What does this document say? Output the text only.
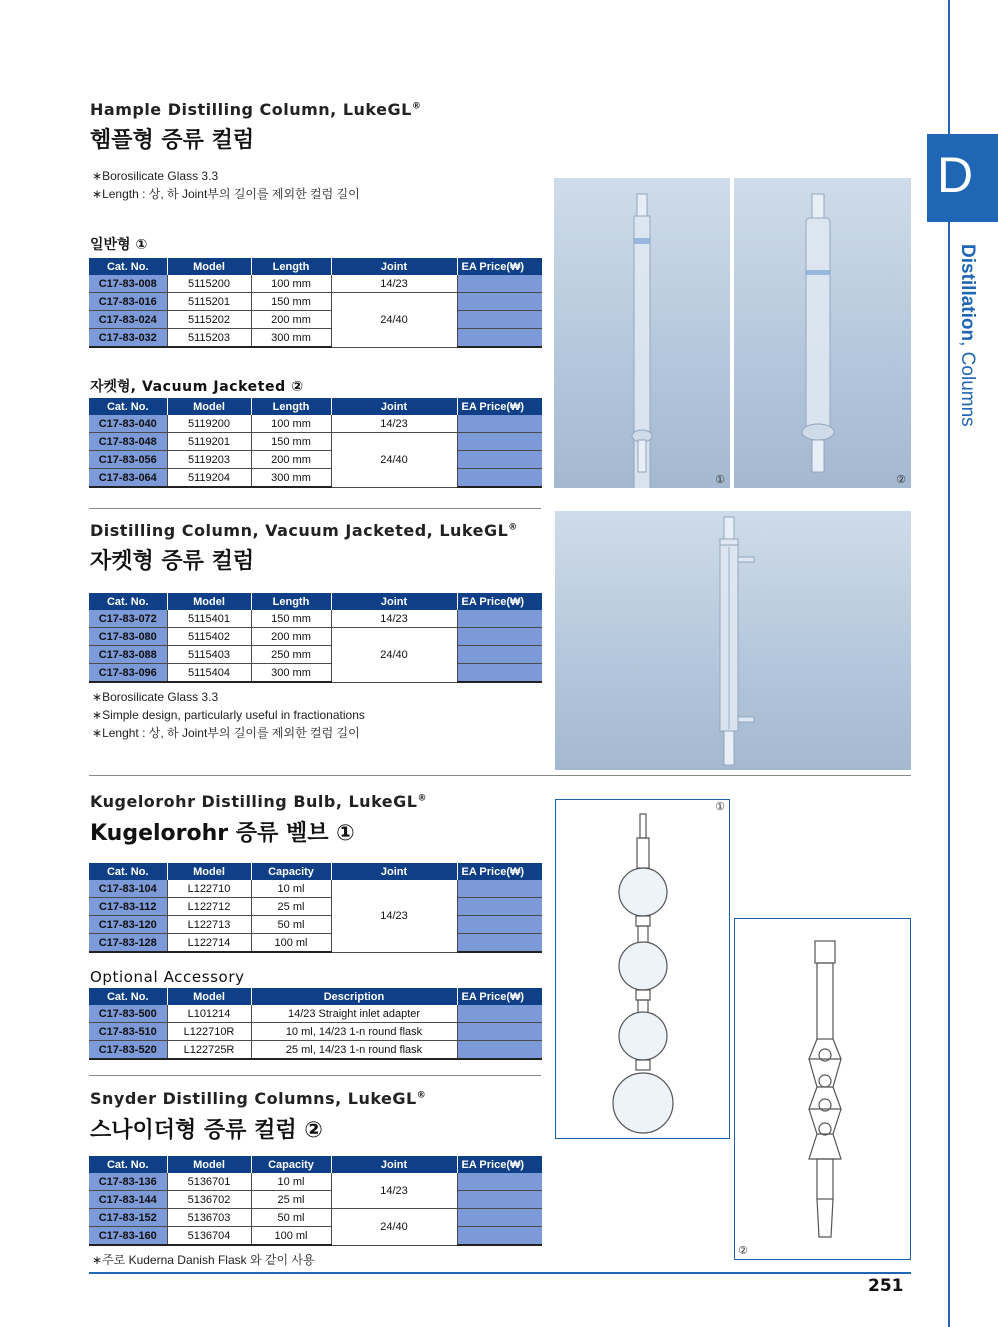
D
Distillation, Columns
Hample Distilling Column, LukeGL®
헴플형 증류 컬럼
∗ Borosilicate Glass 3.3
∗ Length : 상, 하 Joint부의 길이를 제외한 컬럼 길이
일반형 ①
Cat. No.	Model	Length	Joint	EA Price(₩)
C17-83-008	5115200	100 mm	14/23	
C17-83-016	5115201	150 mm	24/40	
C17-83-024	5115202	200 mm		
C17-83-032	5115203	300 mm		
자켓형, Vacuum Jacketed ②
Cat. No.	Model	Length	Joint	EA Price(₩)
C17-83-040	5119200	100 mm	14/23	
C17-83-048	5119201	150 mm	24/40	
C17-83-056	5119203	200 mm		
C17-83-064	5119204	300 mm			①	②
Distilling Column, Vacuum Jacketed, LukeGL®
자켓형 증류 컬럼
Cat. No.	Model	Length	Joint	EA Price(₩)
C17-83-072	5115401	150 mm	14/23	
C17-83-080	5115402	200 mm	24/40	
C17-83-088	5115403	250 mm		
C17-83-096	5115404	300 mm		
∗ Borosilicate Glass 3.3
∗ Simple design, particularly useful in fractionations
∗ Lenght : 상, 하 Joint부의 길이를 제외한 컬럼 길이
Kugelorohr Distilling Bulb, LukeGL®
Kugelorohr 증류 벨브 ①
Cat. No.	Model	Capacity	Joint	EA Price(₩)
C17-83-104	L122710	10 ml	14/23	
C17-83-112	L122712	25 ml		
C17-83-120	L122713	50 ml		
C17-83-128	L122714	100 ml		
Optional Accessory
Cat. No.	Model	Description	EA Price(₩)
C17-83-500	L101214	14/23 Straight inlet adapter	
C17-83-510	L122710R	10 ml, 14/23 1-n round flask	
C17-83-520	L122725R	25 ml, 14/23 1-n round flask	
①
Snyder Distilling Columns, LukeGL®
스나이더형 증류 컬럼 ②
Cat. No.	Model	Capacity	Joint	EA Price(₩)
C17-83-136	5136701	10 ml	14/23	
C17-83-144	5136702	25 ml		
C17-83-152	5136703	50 ml	24/40	
C17-83-160	5136704	100 ml		
∗ 주로 Kuderna Danish Flask 와 같이 사용
②
251
